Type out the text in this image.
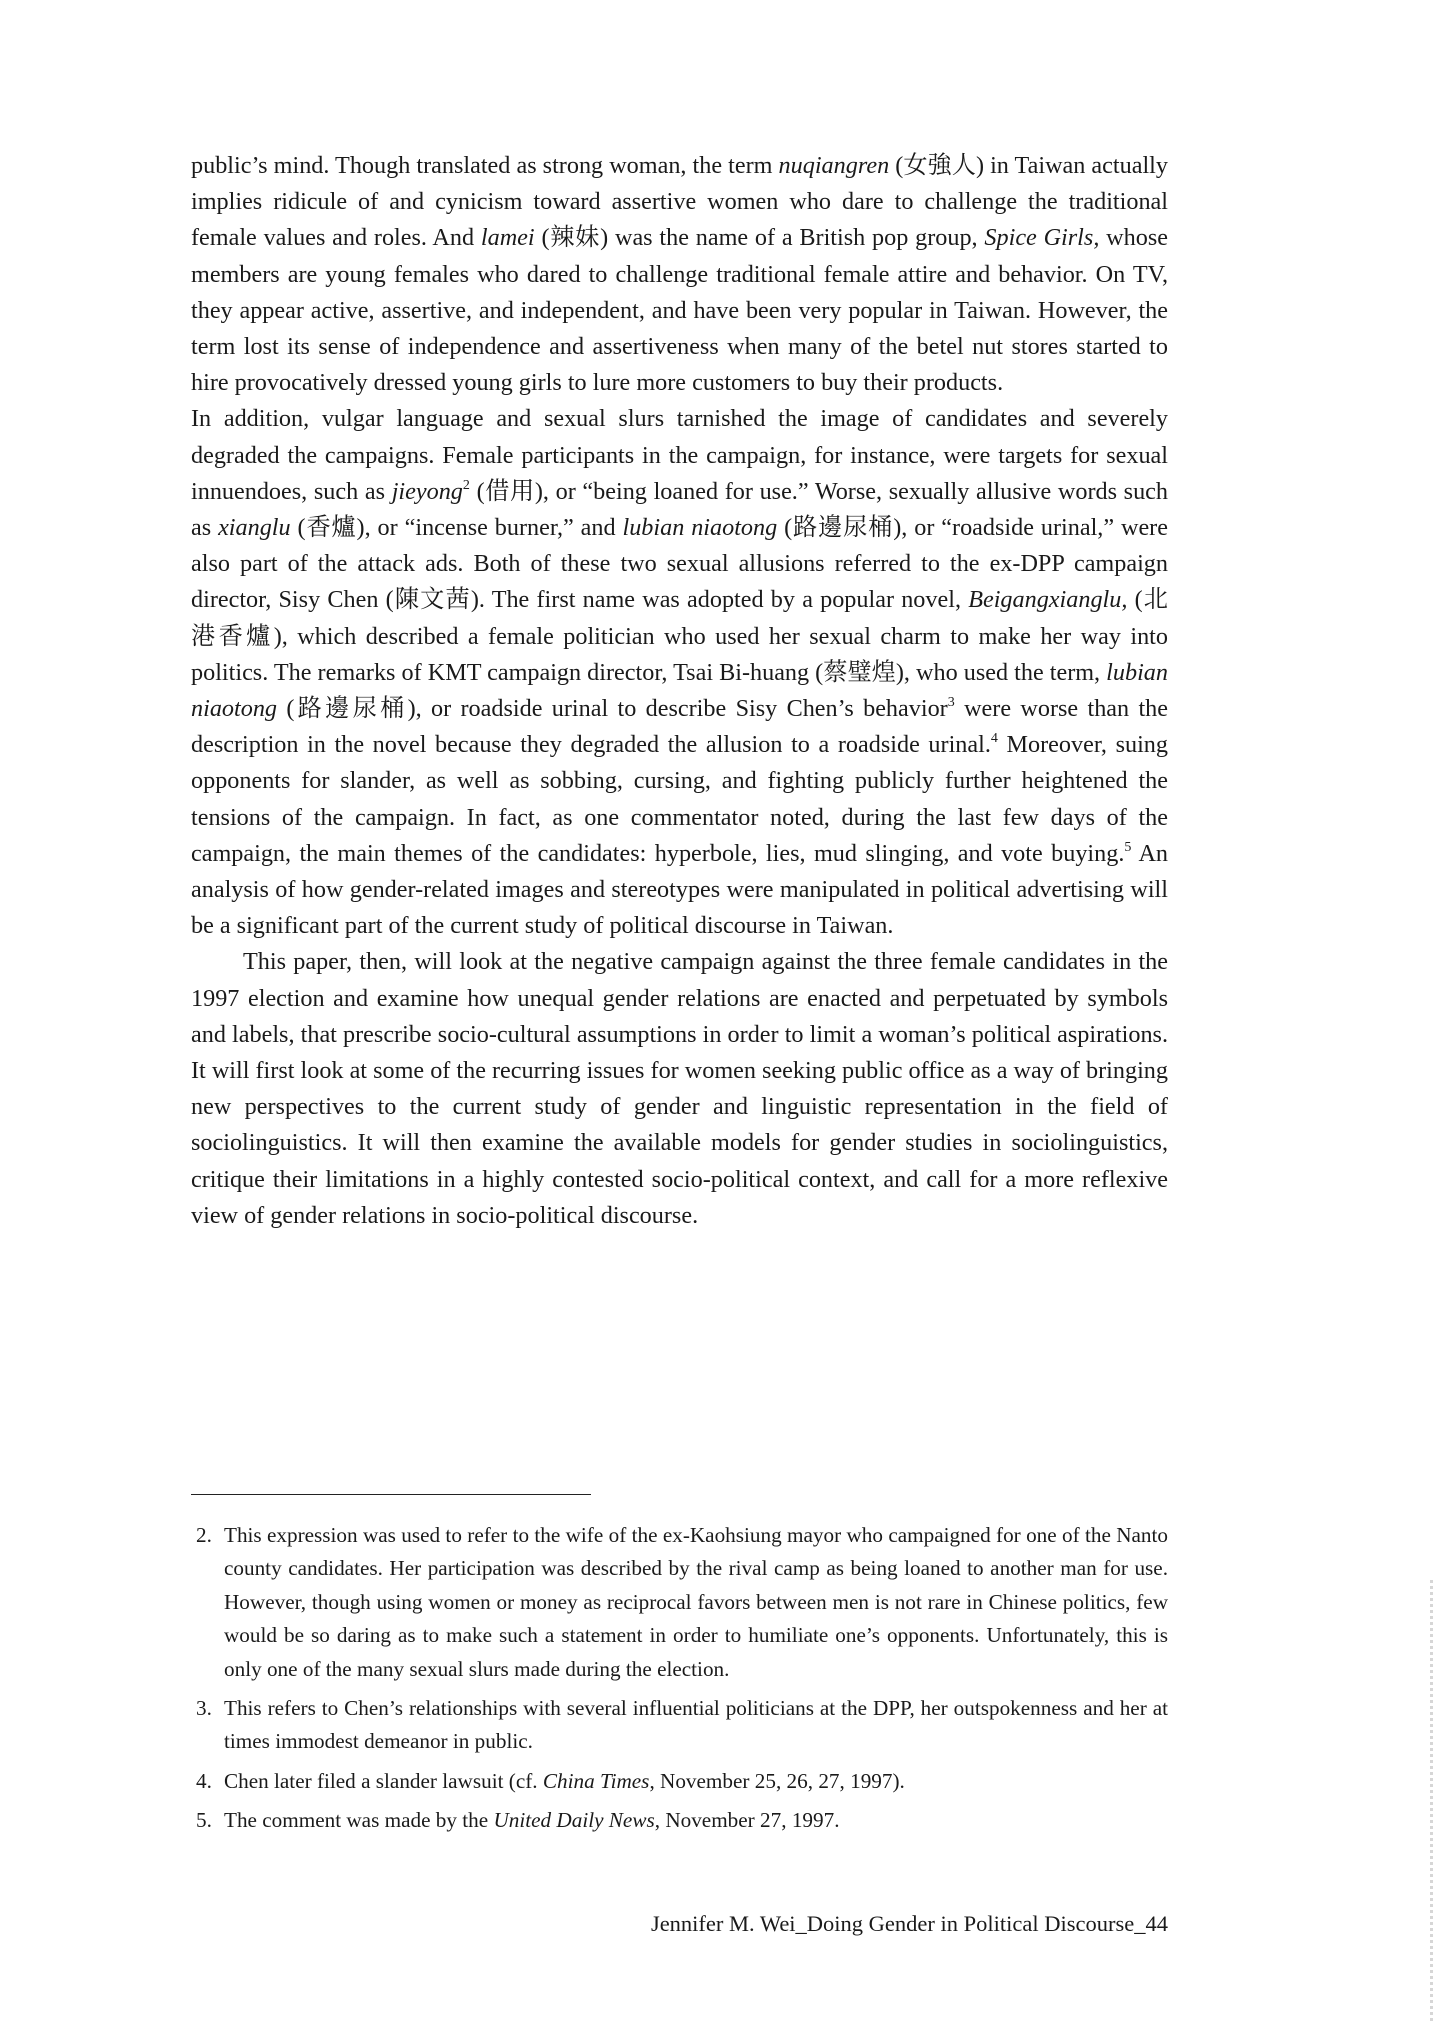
public’s mind. Though translated as strong woman, the term nuqiangren (女強人) in Taiwan actually implies ridicule of and cynicism toward assertive women who dare to challenge the traditional female values and roles. And lamei (辣妹) was the name of a British pop group, Spice Girls, whose members are young females who dared to challenge traditional female attire and behavior. On TV, they appear active, assertive, and independent, and have been very popular in Taiwan. However, the term lost its sense of independence and assertiveness when many of the betel nut stores started to hire provocatively dressed young girls to lure more customers to buy their products.

In addition, vulgar language and sexual slurs tarnished the image of candidates and severely degraded the campaigns. Female participants in the campaign, for instance, were targets for sexual innuendoes, such as jieyong$^2$ (借用), or “being loaned for use.” Worse, sexually allusive words such as xianglu (香爐), or “incense burner,” and lubian niaotong (路邊尿桶), or “roadside urinal,” were also part of the attack ads. Both of these two sexual allusions referred to the ex-DPP campaign director, Sisy Chen (陳文茜). The first name was adopted by a popular novel, Beigangxianglu, (北港香爐), which described a female politician who used her sexual charm to make her way into politics. The remarks of KMT campaign director, Tsai Bi-huang (蔡璧煌), who used the term, lubian niaotong (路邊尿桶), or roadside urinal to describe Sisy Chen’s behavior$^3$ were worse than the description in the novel because they degraded the allusion to a roadside urinal.$^4$ Moreover, suing opponents for slander, as well as sobbing, cursing, and fighting publicly further heightened the tensions of the campaign. In fact, as one commentator noted, during the last few days of the campaign, the main themes of the candidates: hyperbole, lies, mud slinging, and vote buying.$^5$ An analysis of how gender-related images and stereotypes were manipulated in political advertising will be a significant part of the current study of political discourse in Taiwan.

This paper, then, will look at the negative campaign against the three female candidates in the 1997 election and examine how unequal gender relations are enacted and perpetuated by symbols and labels, that prescribe socio-cultural assumptions in order to limit a woman’s political aspirations. It will first look at some of the recurring issues for women seeking public office as a way of bringing new perspectives to the current study of gender and linguistic representation in the field of sociolinguistics. It will then examine the available models for gender studies in sociolinguistics, critique their limitations in a highly contested socio-political context, and call for a more reflexive view of gender relations in socio-political discourse.

2. This expression was used to refer to the wife of the ex-Kaohsiung mayor who campaigned for one of the Nanto county candidates. Her participation was described by the rival camp as being loaned to another man for use. However, though using women or money as reciprocal favors between men is not rare in Chinese politics, few would be so daring as to make such a statement in order to humiliate one’s opponents. Unfortunately, this is only one of the many sexual slurs made during the election.
3. This refers to Chen’s relationships with several influential politicians at the DPP, her outspokenness and her at times immodest demeanor in public.
4. Chen later filed a slander lawsuit (cf. China Times, November 25, 26, 27, 1997).
5. The comment was made by the United Daily News, November 27, 1997.
Jennifer M. Wei_Doing Gender in Political Discourse_44
